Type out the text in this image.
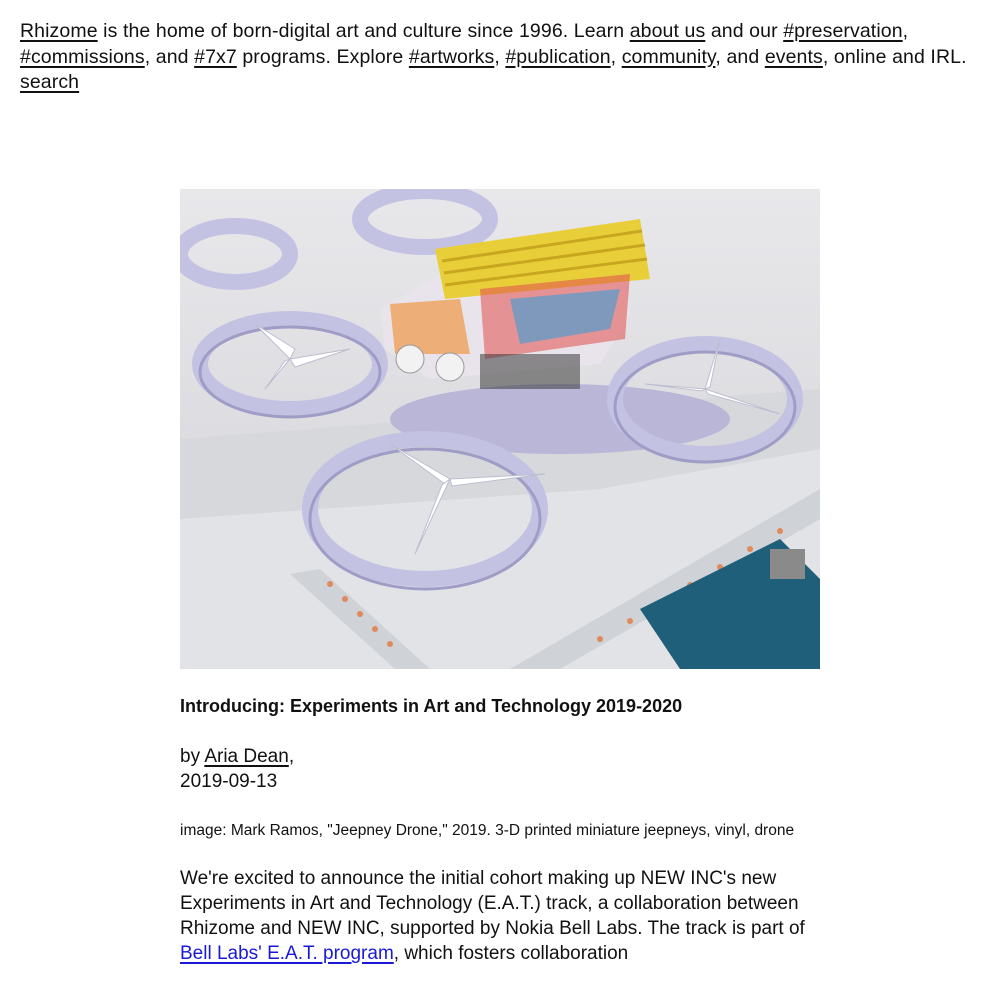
Rhizome is the home of born-digital art and culture since 1996. Learn about us and our #preservation, #commissions, and #7x7 programs. Explore #artworks, #publication, community, and events, online and IRL. search
Introducing: Experiments in Art and Technology 2019-2020
by Aria Dean,
2019-09-13
image: Mark Ramos, "Jeepney Drone," 2019. 3-D printed miniature jeepneys, vinyl, drone
We're excited to announce the initial cohort making up NEW INC's new Experiments in Art and Technology (E.A.T.) track, a collaboration between Rhizome and NEW INC, supported by Nokia Bell Labs. The track is part of Bell Labs' E.A.T. program, which fosters collaboration
